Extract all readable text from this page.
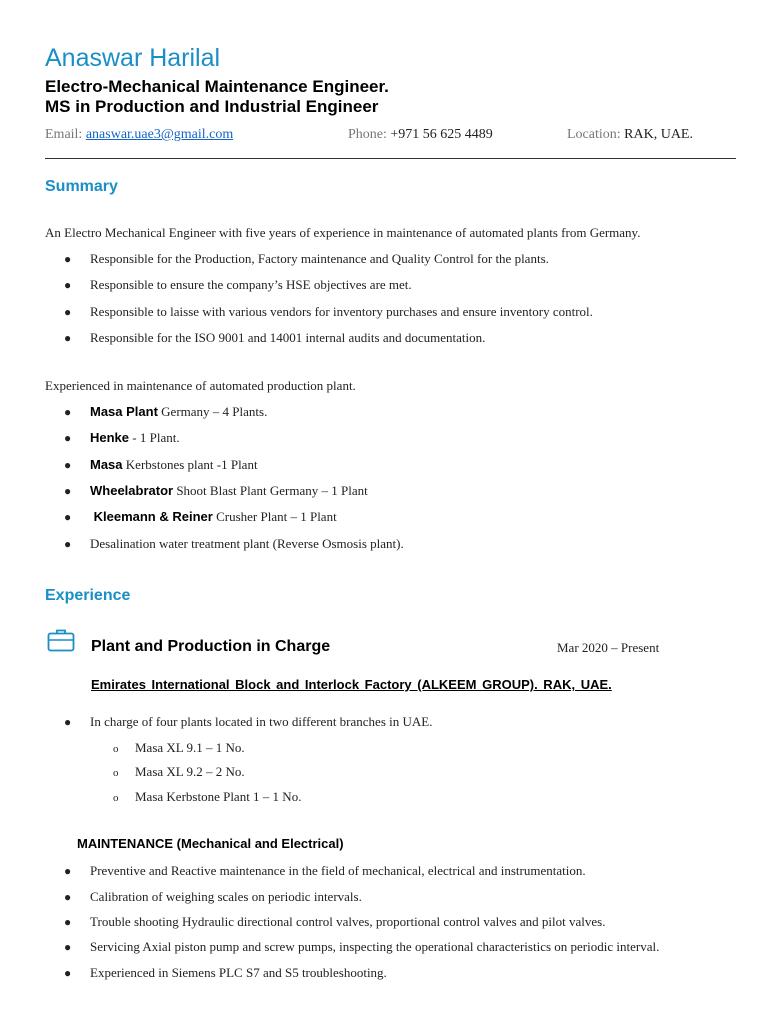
Anaswar Harilal
Electro-Mechanical Maintenance Engineer.
MS in Production and Industrial Engineer
Email: anaswar.uae3@gmail.com	Phone: +971 56 625 4489	Location: RAK, UAE.
Summary
An Electro Mechanical Engineer with five years of experience in maintenance of automated plants from Germany.
● Responsible for the Production, Factory maintenance and Quality Control for the plants.
● Responsible to ensure the company’s HSE objectives are met.
● Responsible to laisse with various vendors for inventory purchases and ensure inventory control.
● Responsible for the ISO 9001 and 14001 internal audits and documentation.
Experienced in maintenance of automated production plant.
● Masa Plant Germany – 4 Plants.
● Henke - 1 Plant.
● Masa Kerbstones plant -1 Plant
● Wheelabrator Shoot Blast Plant Germany – 1 Plant
● Kleemann & Reiner Crusher Plant – 1 Plant
● Desalination water treatment plant (Reverse Osmosis plant).
Experience
Plant and Production in Charge	Mar 2020 – Present
Emirates International Block and Interlock Factory (ALKEEM GROUP). RAK, UAE.
● In charge of four plants located in two different branches in UAE.
o Masa XL 9.1 – 1 No.
o Masa XL 9.2 – 2 No.
o Masa Kerbstone Plant 1 – 1 No.
MAINTENANCE (Mechanical and Electrical)
● Preventive and Reactive maintenance in the field of mechanical, electrical and instrumentation.
● Calibration of weighing scales on periodic intervals.
● Trouble shooting Hydraulic directional control valves, proportional control valves and pilot valves.
● Servicing Axial piston pump and screw pumps, inspecting the operational characteristics on periodic interval.
● Experienced in Siemens PLC S7 and S5 troubleshooting.
